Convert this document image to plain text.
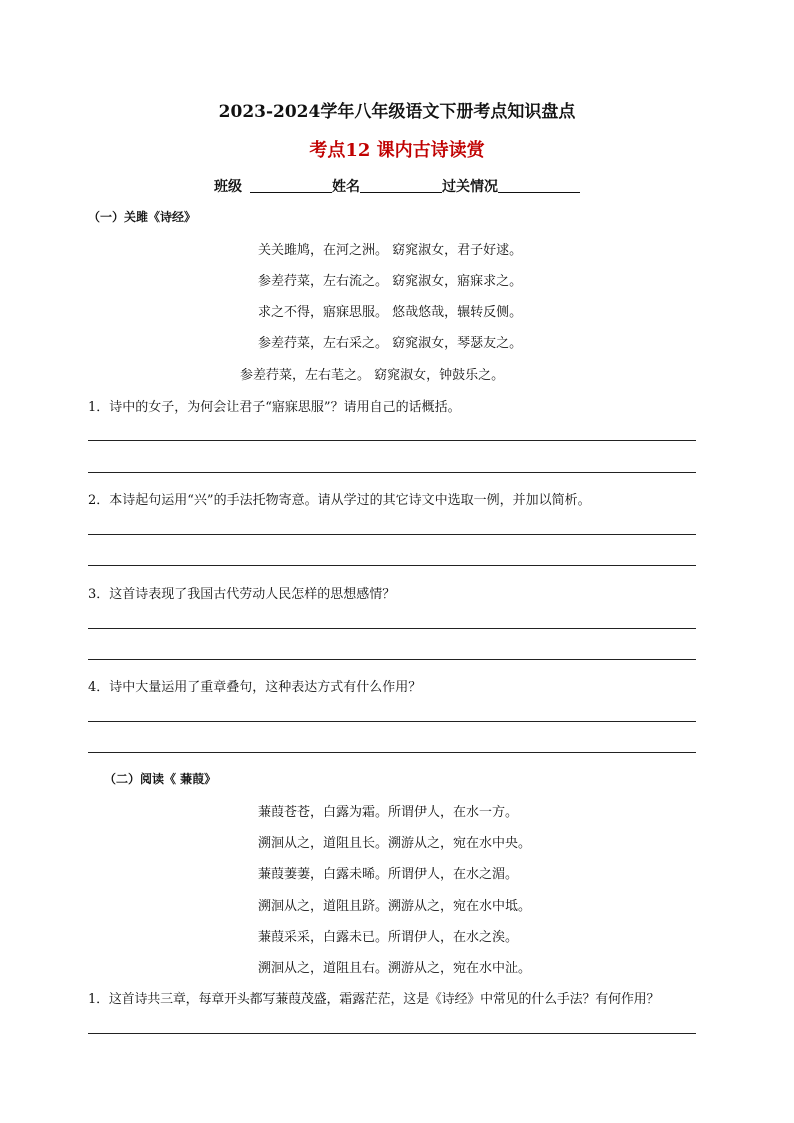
2023-2024学年八年级语文下册考点知识盘点
考点12 课内古诗读赏
班级	姓名	过关情况
（一）关雎《诗经》
关关雎鸠，在河之洲。 窈窕淑女，君子好逑。
参差荇菜，左右流之。 窈窕淑女，寤寐求之。
求之不得，寤寐思服。 悠哉悠哉，辗转反侧。
参差荇菜，左右采之。 窈窕淑女，琴瑟友之。
参差荇菜，左右芼之。 窈窕淑女，钟鼓乐之。
1．诗中的女子，为何会让君子“寤寐思服”？请用自己的话概括。
2．本诗起句运用“兴”的手法托物寄意。请从学过的其它诗文中选取一例，并加以简析。
3．这首诗表现了我国古代劳动人民怎样的思想感情？
4．诗中大量运用了重章叠句，这种表达方式有什么作用？
（二）阅读《 蒹葭》
蒹葭苍苍，白露为霜。所谓伊人，在水一方。
溯洄从之，道阻且长。溯游从之，宛在水中央。
蒹葭萋萋，白露未晞。所谓伊人，在水之湄。
溯洄从之，道阻且跻。溯游从之，宛在水中坻。
蒹葭采采，白露未已。所谓伊人，在水之涘。
溯洄从之，道阻且右。溯游从之，宛在水中沚。
1．这首诗共三章，每章开头都写蒹葭茂盛，霜露茫茫，这是《诗经》中常见的什么手法？有何作用？
